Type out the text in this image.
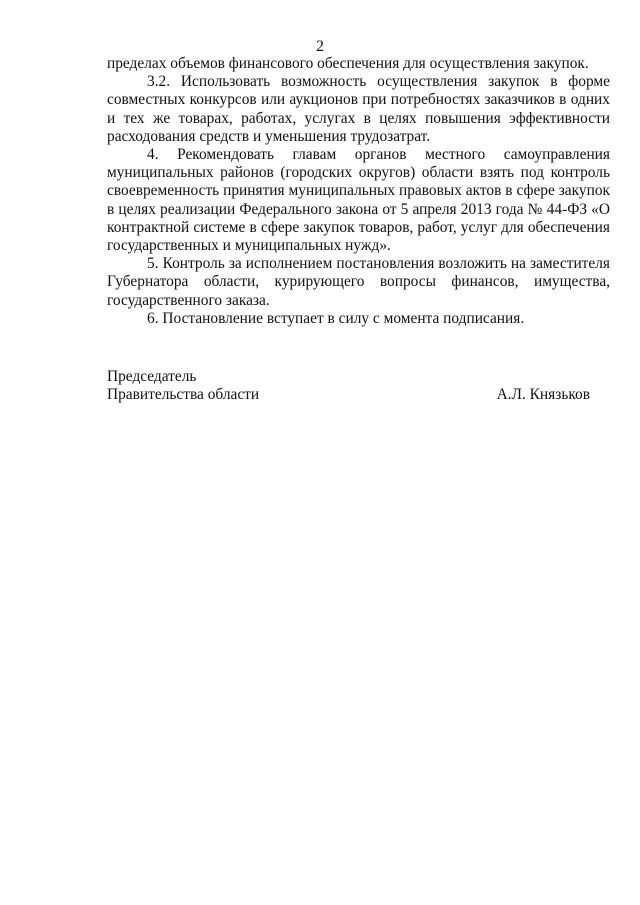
2

пределах объемов финансового обеспечения для осуществления закупок.

3.2. Использовать возможность осуществления закупок в форме совместных конкурсов или аукционов при потребностях заказчиков в одних и тех же товарах, работах, услугах в целях повышения эффективности расходования средств и уменьшения трудозатрат.

4. Рекомендовать главам органов местного самоуправления муниципальных районов (городских округов) области взять под контроль своевременность принятия муниципальных правовых актов в сфере закупок в целях реализации Федерального закона от 5 апреля 2013 года № 44-ФЗ «О контрактной системе в сфере закупок товаров, работ, услуг для обеспечения государственных и муниципальных нужд».

5. Контроль за исполнением постановления возложить на заместителя Губернатора области, курирующего вопросы финансов, имущества, государственного заказа.

6. Постановление вступает в силу с момента подписания.

Председатель
Правительства области	А.Л. Князьков
